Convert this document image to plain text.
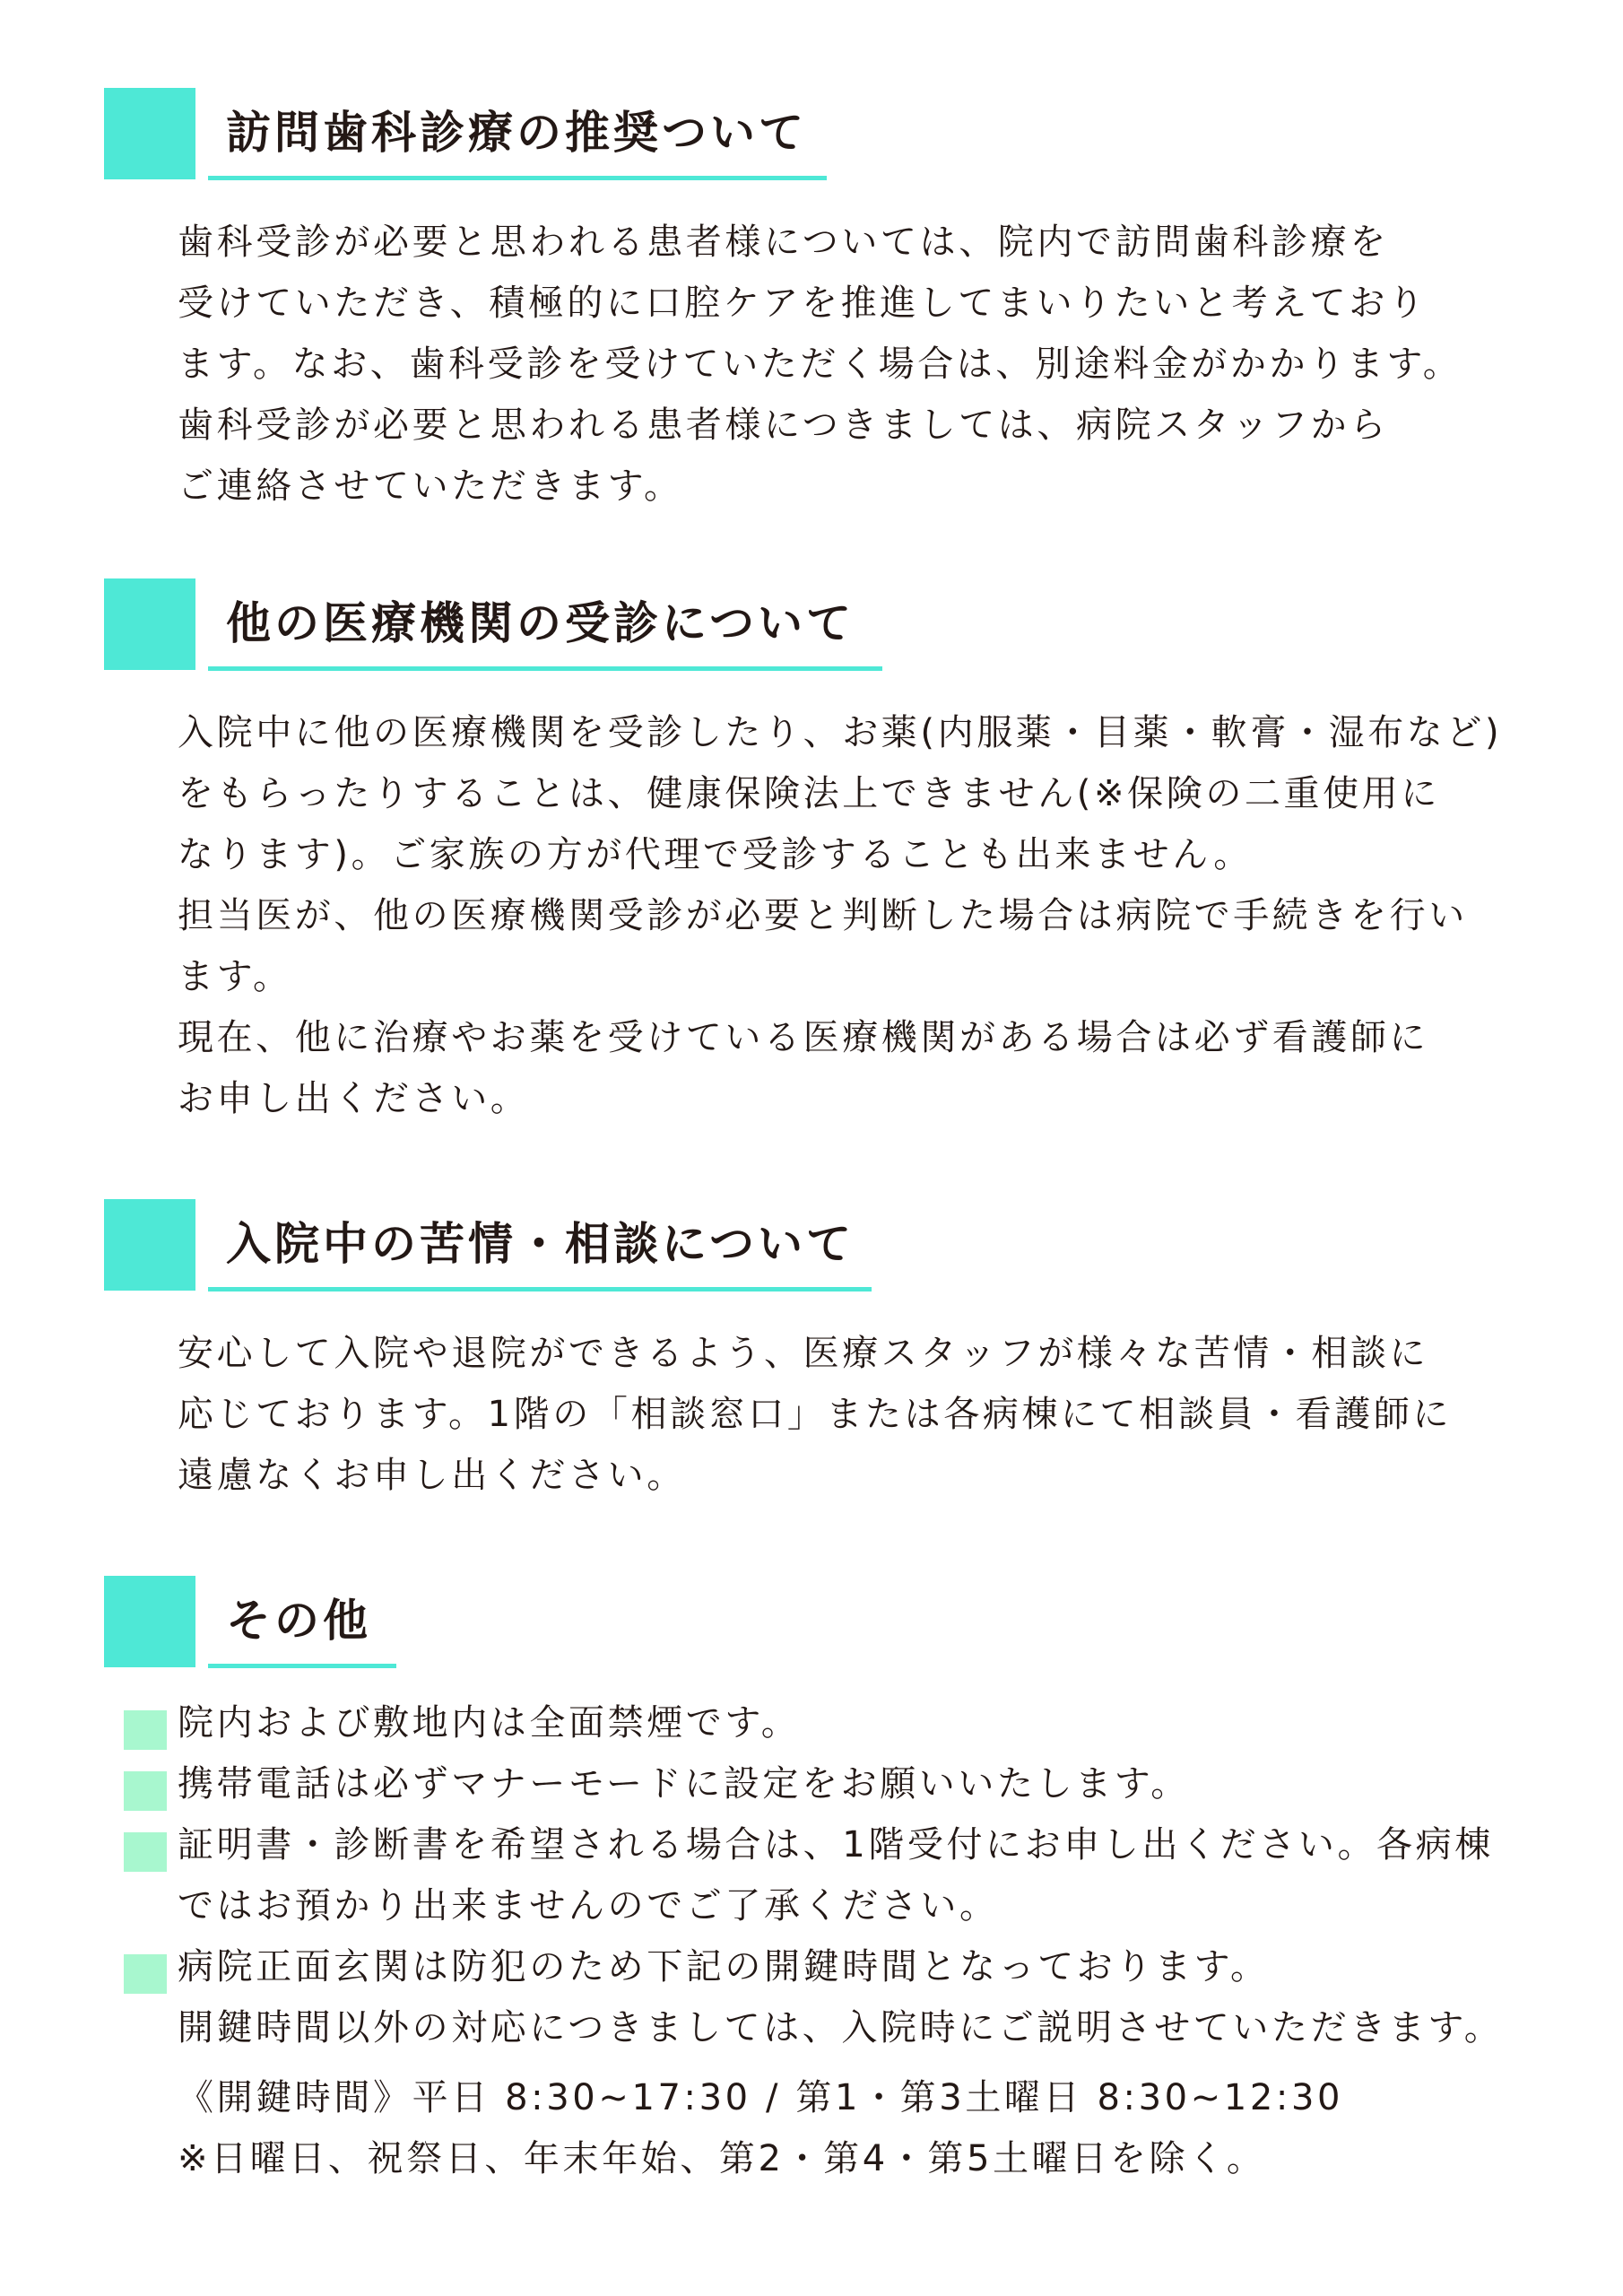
訪問歯科診療の推奨ついて

歯科受診が必要と思われる患者様については、院内で訪問歯科診療を

受けていただき、積極的に口腔ケアを推進してまいりたいと考えており

ます。なお、歯科受診を受けていただく場合は、別途料金がかかります。

歯科受診が必要と思われる患者様につきましては、病院スタッフから

ご連絡させていただきます。

他の医療機関の受診について

入院中に他の医療機関を受診したり、お薬(内服薬・目薬・軟膏・湿布など)

をもらったりすることは、健康保険法上できません(※保険の二重使用に

なります)。ご家族の方が代理で受診することも出来ません。

担当医が、他の医療機関受診が必要と判断した場合は病院で手続きを行い

ます。

現在、他に治療やお薬を受けている医療機関がある場合は必ず看護師に

お申し出ください。

入院中の苦情・相談について

安心して入院や退院ができるよう、医療スタッフが様々な苦情・相談に

応じております。1階の「相談窓口」または各病棟にて相談員・看護師に

遠慮なくお申し出ください。

その他

院内および敷地内は全面禁煙です。

携帯電話は必ずマナーモードに設定をお願いいたします。

証明書・診断書を希望される場合は、1階受付にお申し出ください。各病棟

ではお預かり出来ませんのでご了承ください。

病院正面玄関は防犯のため下記の開鍵時間となっております。

開鍵時間以外の対応につきましては、入院時にご説明させていただきます。

《開鍵時間》平日 8:30~17:30 / 第1・第3土曜日 8:30~12:30

※日曜日、祝祭日、年末年始、第2・第4・第5土曜日を除く。
